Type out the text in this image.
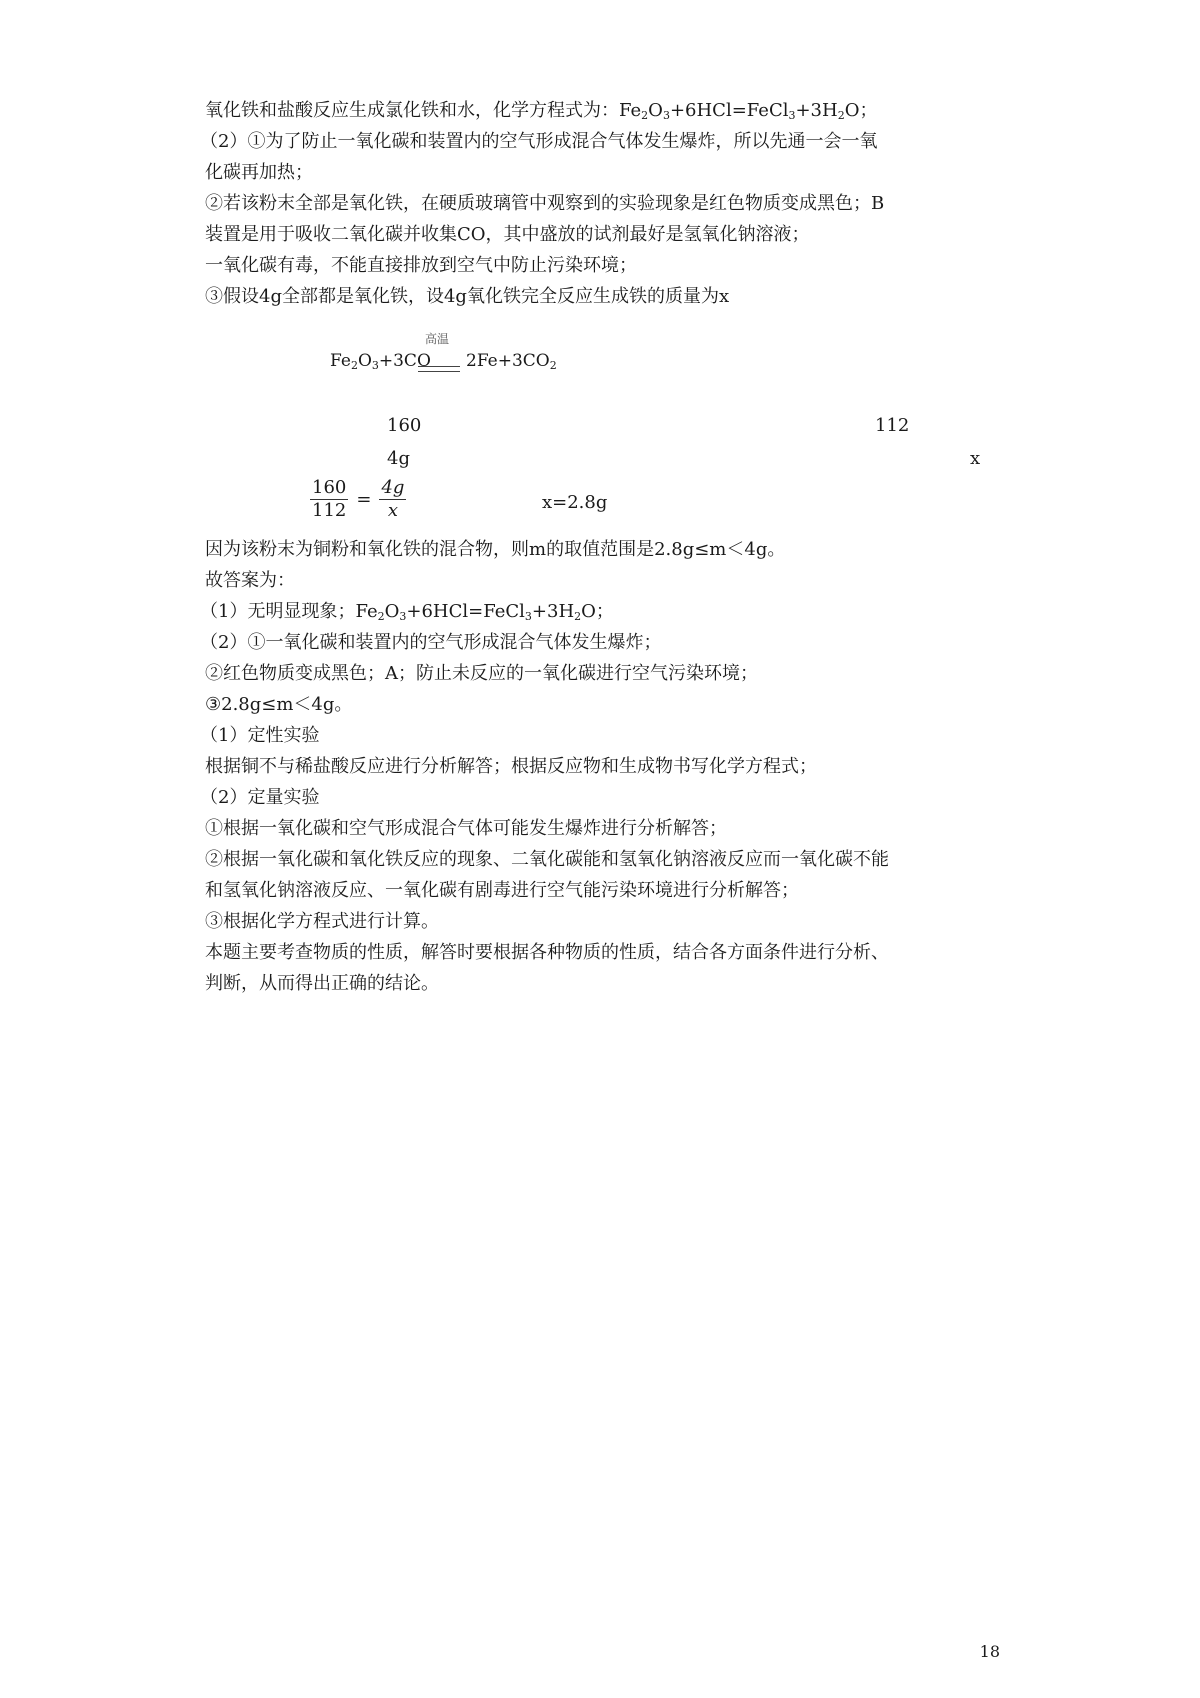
氧化铁和盐酸反应生成氯化铁和水，化学方程式为：$Fe_2O_3+6HCl=FeCl_3+3H_2O$；
（2）①为了防止一氧化碳和装置内的空气形成混合气体发生爆炸，所以先通一会一氧
化碳再加热；
②若该粉末全部是氧化铁，在硬质玻璃管中观察到的实验现象是红色物质变成黑色；B
装置是用于吸收二氧化碳并收集CO，其中盛放的试剂最好是氢氧化钠溶液；
一氧化碳有毒，不能直接排放到空气中防止污染环境；
③假设4g全部都是氧化铁，设4g氧化铁完全反应生成铁的质量为x
$Fe_2O_3+3CO$
高温
$2Fe+3CO_2$
160	112
4g	x
160
112
=
4g
x	x=2.8g
因为该粉末为铜粉和氧化铁的混合物，则m的取值范围是2.8g≤m＜4g。
故答案为：
（1）无明显现象；$Fe_2O_3+6HCl=FeCl_3+3H_2O$；
（2）①一氧化碳和装置内的空气形成混合气体发生爆炸；
②红色物质变成黑色；A；防止未反应的一氧化碳进行空气污染环境；
③2.8g≤m＜4g。
（1）定性实验
根据铜不与稀盐酸反应进行分析解答；根据反应物和生成物书写化学方程式；
（2）定量实验
①根据一氧化碳和空气形成混合气体可能发生爆炸进行分析解答；
②根据一氧化碳和氧化铁反应的现象、二氧化碳能和氢氧化钠溶液反应而一氧化碳不能
和氢氧化钠溶液反应、一氧化碳有剧毒进行空气能污染环境进行分析解答；
③根据化学方程式进行计算。
本题主要考查物质的性质，解答时要根据各种物质的性质，结合各方面条件进行分析、
判断，从而得出正确的结论。
18
